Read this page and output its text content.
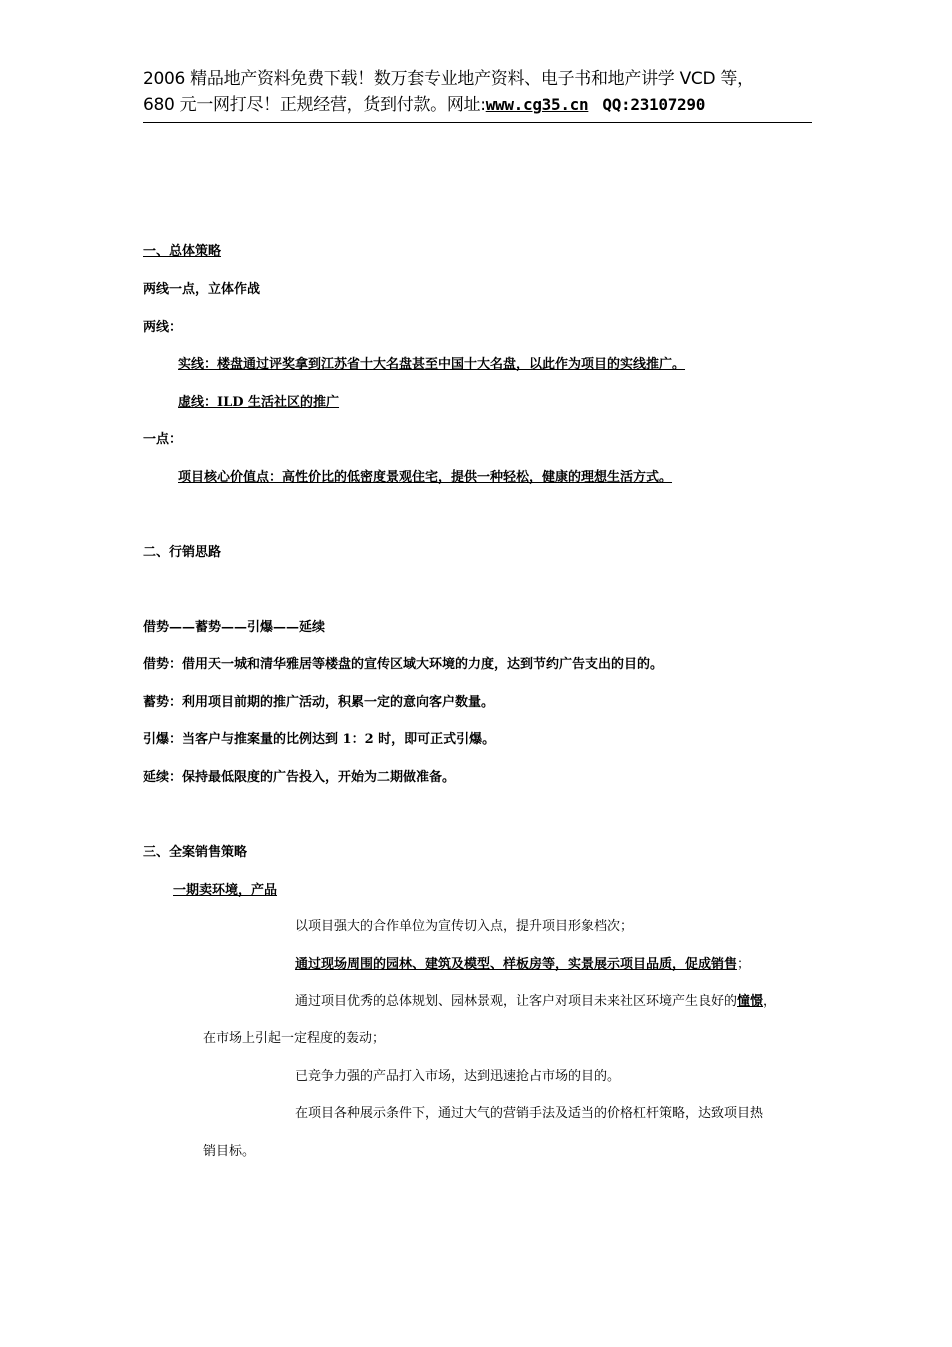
2006 精品地产资料免费下载！数万套专业地产资料、电子书和地产讲学 VCD 等，
680 元一网打尽！正规经营，货到付款。网址:www.cg35.cn QQ:23107290
一、总体策略
两线一点，立体作战
两线：
实线：楼盘通过评奖拿到江苏省十大名盘甚至中国十大名盘，以此作为项目的实线推广。
虚线：ILD 生活社区的推广
一点：
项目核心价值点：高性价比的低密度景观住宅，提供一种轻松，健康的理想生活方式。
二、行销思路
借势——蓄势——引爆——延续
借势：借用天一城和清华雅居等楼盘的宣传区域大环境的力度，达到节约广告支出的目的。
蓄势：利用项目前期的推广活动，积累一定的意向客户数量。
引爆：当客户与推案量的比例达到 1：2 时，即可正式引爆。
延续：保持最低限度的广告投入，开始为二期做准备。
三、全案销售策略
一期卖环境，产品
以项目强大的合作单位为宣传切入点，提升项目形象档次；
通过现场周围的园林、建筑及模型、样板房等，实景展示项目品质，促成销售；
通过项目优秀的总体规划、园林景观，让客户对项目未来社区环境产生良好的憧憬，
在市场上引起一定程度的轰动；
已竞争力强的产品打入市场，达到迅速抢占市场的目的。
在项目各种展示条件下，通过大气的营销手法及适当的价格杠杆策略，达致项目热
销目标。
